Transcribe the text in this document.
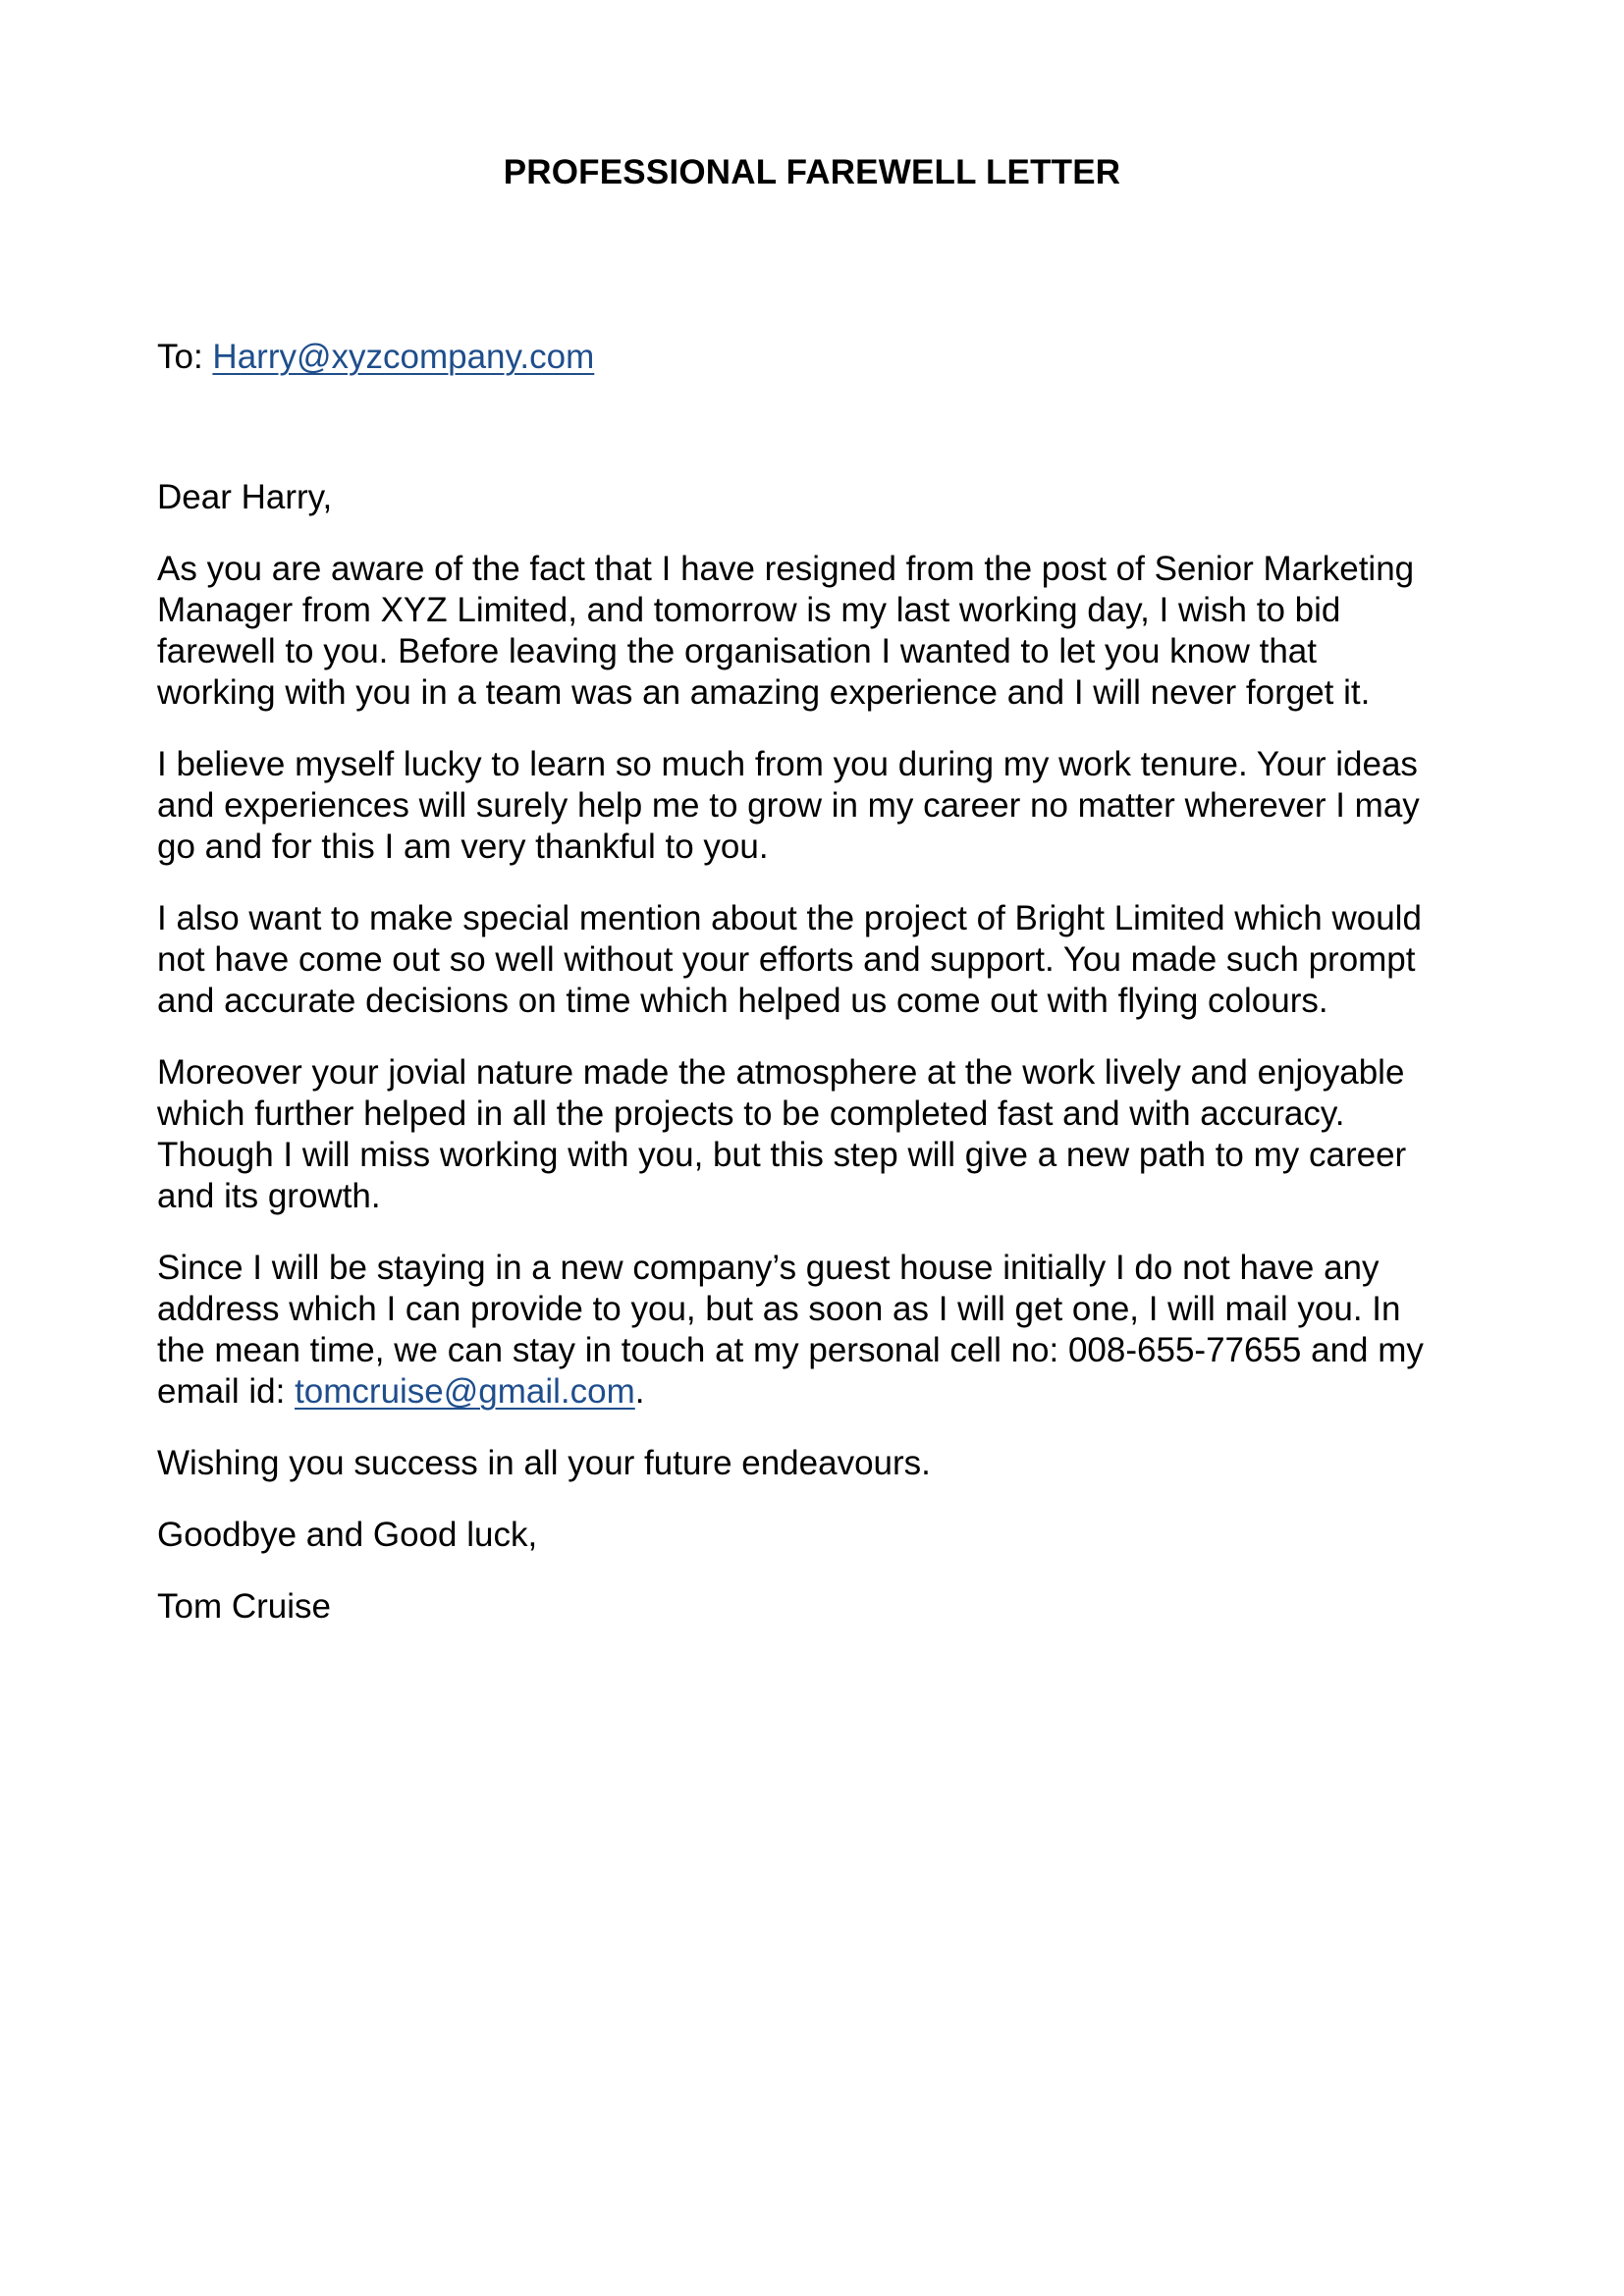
PROFESSIONAL FAREWELL LETTER
To: Harry@xyzcompany.com

Dear Harry,

As you are aware of the fact that I have resigned from the post of Senior Marketing
Manager from XYZ Limited, and tomorrow is my last working day, I wish to bid
farewell to you. Before leaving the organisation I wanted to let you know that
working with you in a team was an amazing experience and I will never forget it.

I believe myself lucky to learn so much from you during my work tenure. Your ideas
and experiences will surely help me to grow in my career no matter wherever I may
go and for this I am very thankful to you.

I also want to make special mention about the project of Bright Limited which would
not have come out so well without your efforts and support. You made such prompt
and accurate decisions on time which helped us come out with flying colours.

Moreover your jovial nature made the atmosphere at the work lively and enjoyable
which further helped in all the projects to be completed fast and with accuracy.
Though I will miss working with you, but this step will give a new path to my career
and its growth.

Since I will be staying in a new company’s guest house initially I do not have any
address which I can provide to you, but as soon as I will get one, I will mail you. In
the mean time, we can stay in touch at my personal cell no: 008-655-77655 and my
email id: tomcruise@gmail.com.

Wishing you success in all your future endeavours.

Goodbye and Good luck,

Tom Cruise
